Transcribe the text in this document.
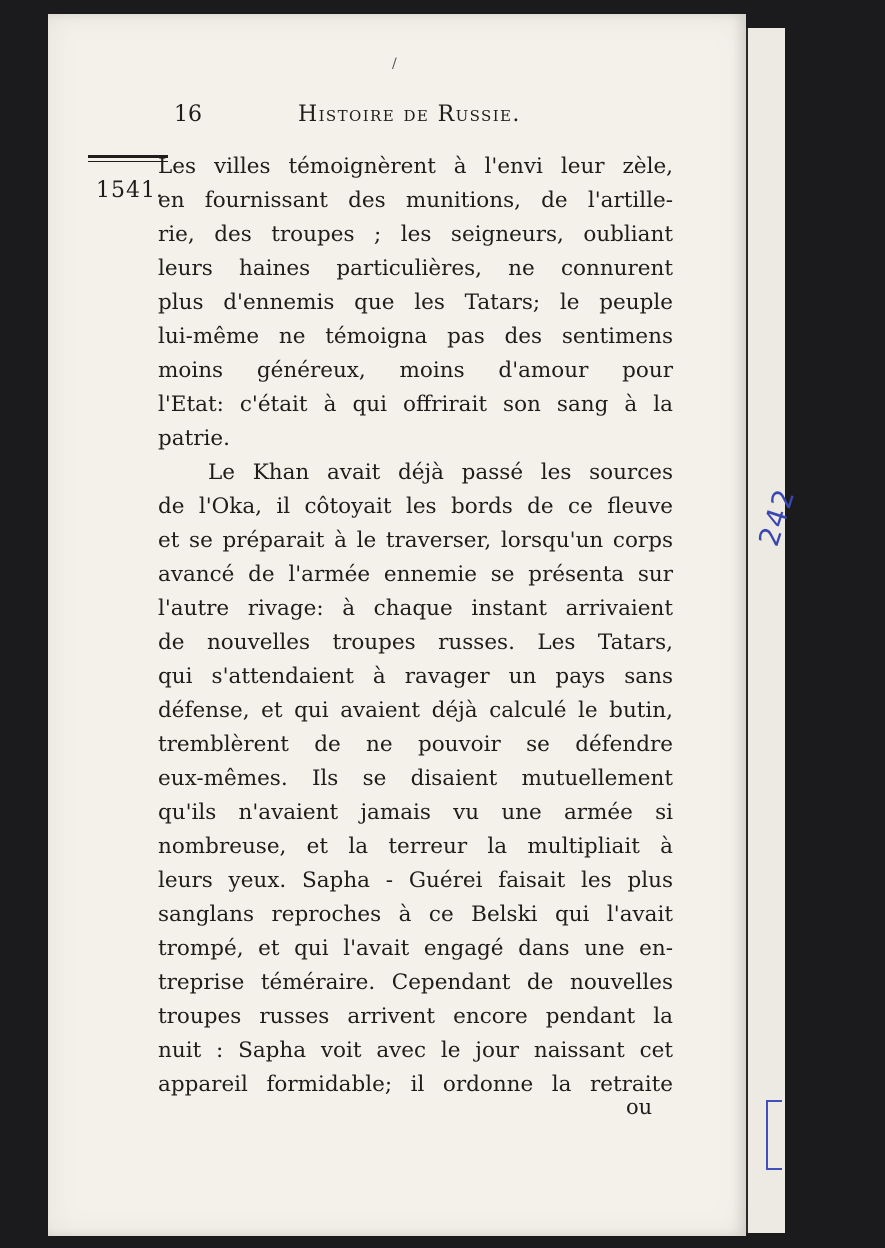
242
/
16	Histoire de Russie.
1541.
Les villes témoignèrent à l'envi leur zèle,
en fournissant des munitions, de l'artille-
rie, des troupes ; les seigneurs, oubliant
leurs haines particulières, ne connurent
plus d'ennemis que les Tatars; le peuple
lui-même ne témoigna pas des sentimens
moins généreux, moins d'amour pour
l'Etat: c'était à qui offrirait son sang à la
patrie.
Le Khan avait déjà passé les sources
de l'Oka, il côtoyait les bords de ce fleuve
et se préparait à le traverser, lorsqu'un corps
avancé de l'armée ennemie se présenta sur
l'autre rivage: à chaque instant arrivaient
de nouvelles troupes russes. Les Tatars,
qui s'attendaient à ravager un pays sans
défense, et qui avaient déjà calculé le butin,
tremblèrent de ne pouvoir se défendre
eux-mêmes. Ils se disaient mutuellement
qu'ils n'avaient jamais vu une armée si
nombreuse, et la terreur la multipliait à
leurs yeux. Sapha - Guérei faisait les plus
sanglans reproches à ce Belski qui l'avait
trompé, et qui l'avait engagé dans une en-
treprise téméraire. Cependant de nouvelles
troupes russes arrivent encore pendant la
nuit : Sapha voit avec le jour naissant cet
appareil formidable; il ordonne la retraite
ou
